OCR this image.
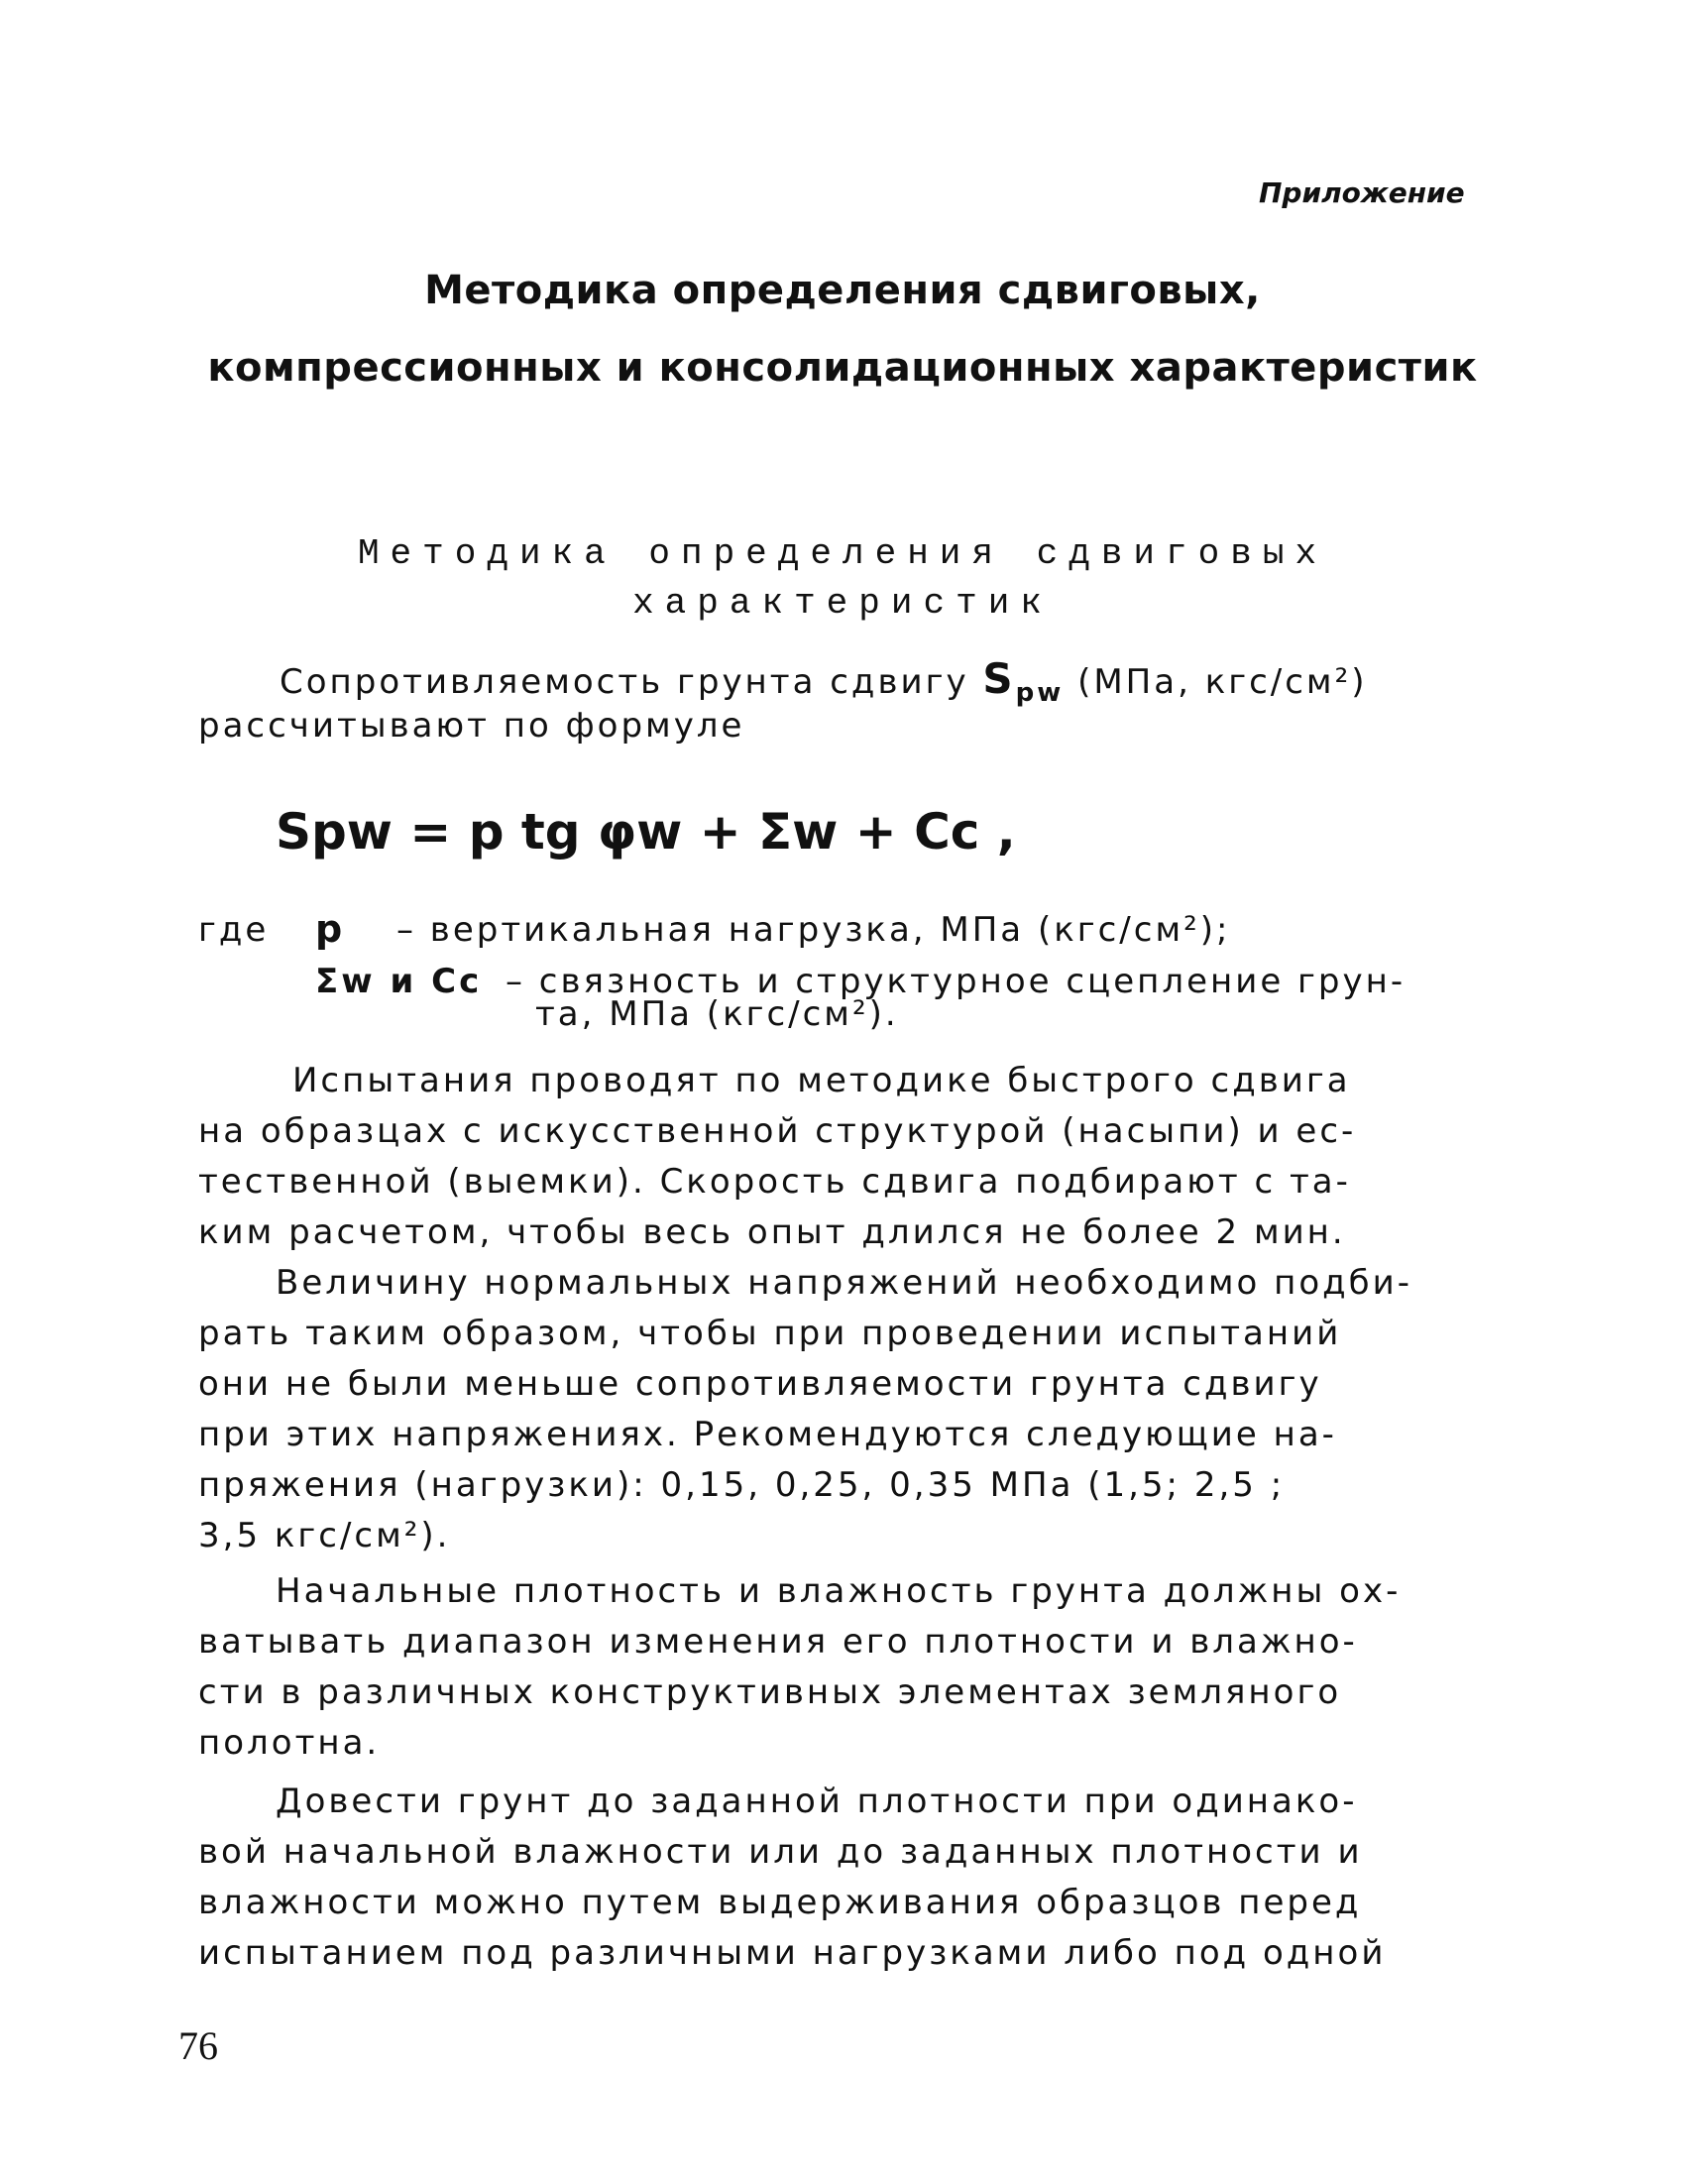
Приложение
Методика определения сдвиговых,
компрессионных и консолидационных характеристик
Методика определения сдвиговых
характеристик
Сопротивляемость грунта сдвигу $S_{pw}$ (МПа, кгс/см²)
рассчитывают по формуле
Spw = p tg φw + Σw + Cc ,
где	p	– вертикальная нагрузка, МПа (кгс/см²);
Σw и Cc – связность и структурное сцепление грун-
та, МПа (кгс/см²).
Испытания проводят по методике быстрого сдвига
на образцах с искусственной структурой (насыпи) и ес-
тественной (выемки). Скорость сдвига подбирают с та-
ким расчетом, чтобы весь опыт длился не более 2 мин.
Величину нормальных напряжений необходимо подби-
рать таким образом, чтобы при проведении испытаний
они не были меньше сопротивляемости грунта сдвигу
при этих напряжениях. Рекомендуются следующие на-
пряжения (нагрузки): 0,15, 0,25, 0,35 МПа (1,5; 2,5 ;
3,5 кгс/см²).
Начальные плотность и влажность грунта должны ох-
ватывать диапазон изменения его плотности и влажно-
сти в различных конструктивных элементах земляного
полотна.
Довести грунт до заданной плотности при одинако-
вой начальной влажности или до заданных плотности и
влажности можно путем выдерживания образцов перед
испытанием под различными нагрузками либо под одной
76
